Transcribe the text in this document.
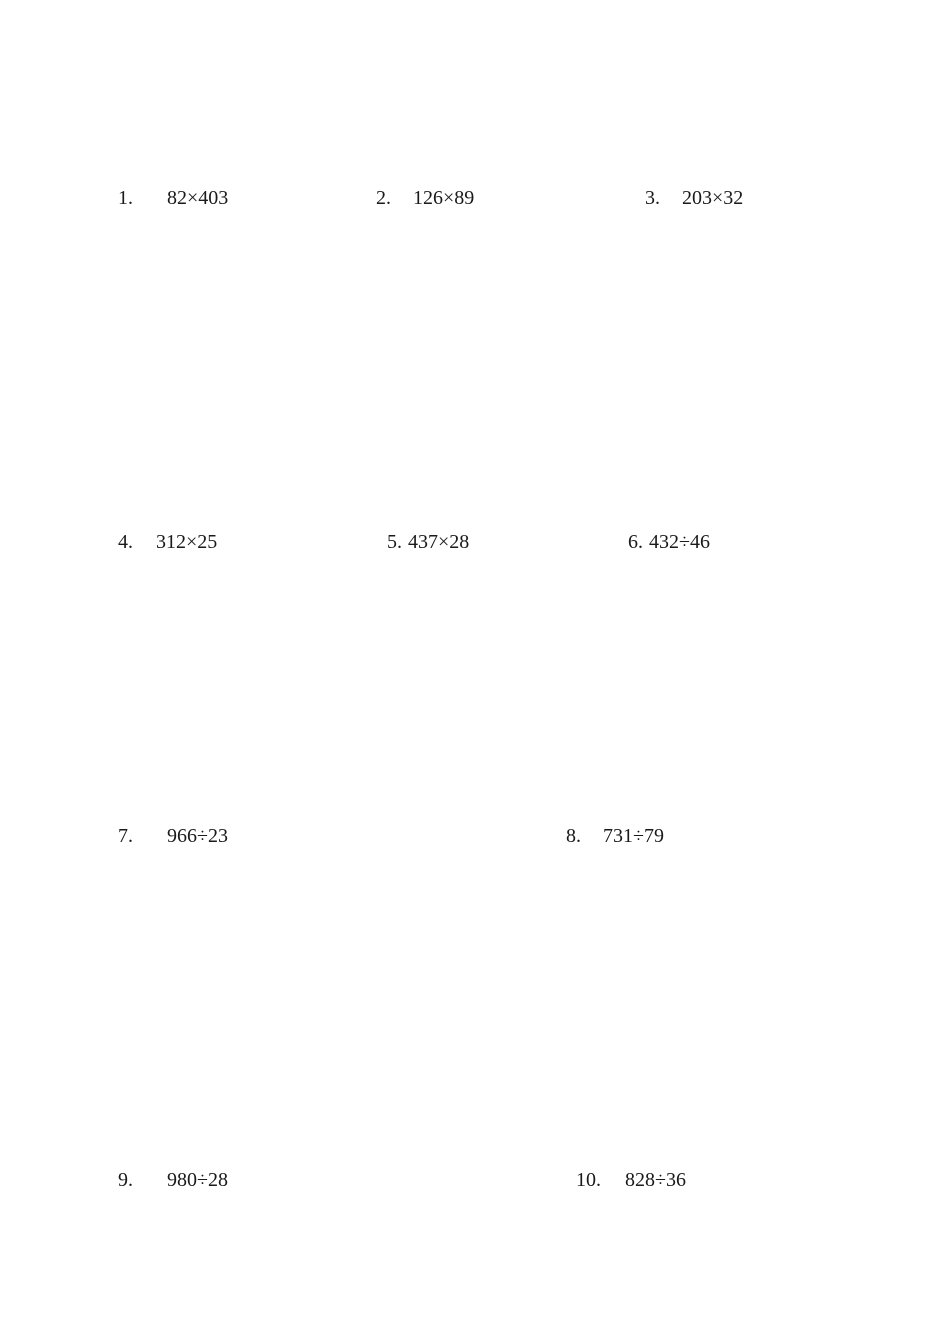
1. 82×403	2. 126×89	3. 203×32
4. 312×25	5. 437×28	6. 432÷46
7. 966÷23	8. 731÷79
9. 980÷28	10. 828÷36
